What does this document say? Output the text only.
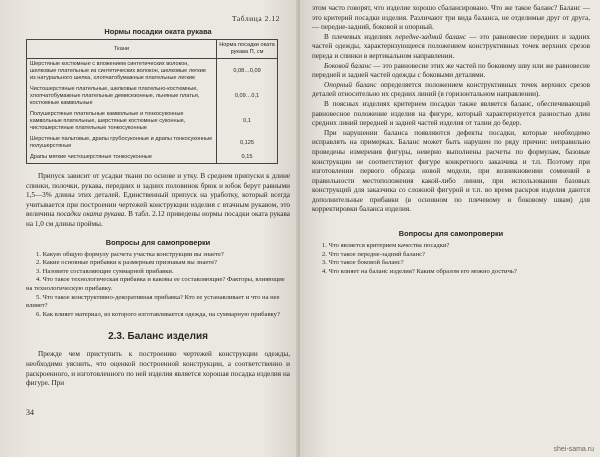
Таблица 2.12
Нормы посадки оката рукава
Ткани	Норма посадки оката рукава П, см
Шерстяные костюмные с вложением синтетических волокон, шелковые плательные из синтетических волокон, шелковые легкие из натурального шелка, хлопчатобумажные плательные легкие	0,08…0,09
Чистошерстяные плательные, шелковые плательно-костюмные, хлопчатобумажные плательные демисезонные, льняные платья, костюмные камвольные	0,09…0,1
Полушерстяные плательные камвольные и тонкосуконные камвольные плательные, шерстяные костюмные суконные, чистошерстяные плательные тонкосуконные	0,1
Шерстяные пальтовые, драпы грубосуконные и драпы тонкосуконные полушерстяные	0,125
Драпы мягкие чистошерстяные тонкосуконные	0,15

Припуск зависит от усадки ткани по основе и утку. В среднем припуски к длине спинки, полочки, рукава, передних и задних половинок брюк и юбок берут равными 1,5—3% длины этих деталей. Единственный припуск на уработку, который всегда учитывается при построении чертежей конструкции изделия с втачным рукавом, это величина посадки оката рукава. В табл. 2.12 приведены нормы посадки оката рукава на 1,0 см длины проймы.

Вопросы для самопроверки

1. Какую общую формулу расчета участка конструкции вы знаете?

2. Какие основные прибавки к размерным признакам вы знаете?

3. Назовите составляющие суммарной прибавки.

4. Что такое технологическая прибавка и каковы ее составляющие? Факторы, влияющие на технологическую прибавку.

5. Что такое конструктивно-декоративная прибавка? Кто ее устанавливает и что на нее влияет?

6. Как влияет материал, из которого изготавливается одежда, на суммарную прибавку?

2.3. Баланс изделия

Прежде чем приступить к построению чертежей конструкции одежды, необходимо уяснить, что оценкой построенной конструкции, а соответственно и раскроенного, и изготовленного по ней изделия является хорошая посадка изделия на фигуре. При

34

этом часто говорят, что изделие хорошо сбалансировано. Что же такое баланс? Баланс — это критерий посадки изделия. Различают три вида баланса, не отделимые друг от друга, — передне-задний, боковой и опорный.

В плечевых изделиях передне-задний баланс — это равновесие передних и задних частей одежды, характеризующееся положением конструктивных точек верхних срезов переда и спинки в вертикальном направлении.

Боковой баланс — это равновесие этих же частей по боковому шву или же равновесие передней и задней частей одежды с боковыми деталями.

Опорный баланс определяется положением конструктивных точек верхних срезов деталей относительно их средних линий (в горизонтальном направлении).

В поясных изделиях критерием посадки также является баланс, обеспечивающий равновесное положение изделия на фигуре, который характеризуется разностью длин средних линий передней и задней частей изделия от талии до бедер.

При нарушении баланса появляются дефекты посадки, которые необходимо исправлять на примерках. Баланс может быть нарушен по ряду причин: неправильно проведены измерения фигуры, неверно выполнены расчеты по формулам, базовые конструкции не соответствуют фигуре конкретного заказчика и т.п. Поэтому при изготовлении первого образца новой модели, при возникновении сомнений в правильности местоположения какой-либо линии, при использовании базовых конструкций для заказчика со сложной фигурой и т.п. во время раскроя изделия даются дополнительные прибавки (в основном по плечевому и боковому швам) для корректировки баланса изделия.

Вопросы для самопроверки

1. Что является критерием качества посадки?

2. Что такое передне-задний баланс?

3. Что такое боковой баланс?

4. Что влияет на баланс изделия? Каким образом его можно достичь?

shei-sama.ru
